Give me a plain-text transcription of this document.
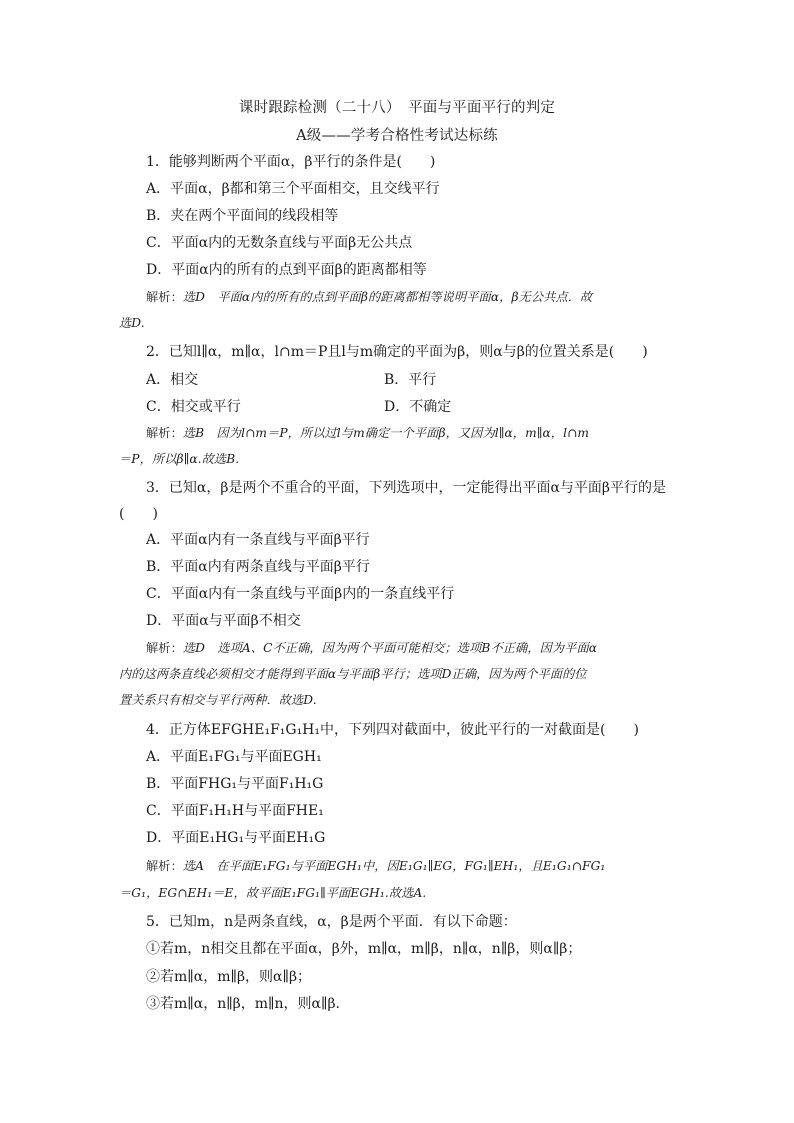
课时跟踪检测（二十八）　平面与平面平行的判定
A级——学考合格性考试达标练
1．能够判断两个平面α，β平行的条件是(　　)
A．平面α，β都和第三个平面相交，且交线平行
B．夹在两个平面间的线段相等
C．平面α内的无数条直线与平面β无公共点
D．平面α内的所有的点到平面β的距离都相等
解析：选D　平面α内的所有的点到平面β的距离都相等说明平面α，β无公共点．故
选D.
2．已知l∥α，m∥α，l∩m＝P且l与m确定的平面为β，则α与β的位置关系是(　　)
A．相交	B．平行
C．相交或平行	D．不确定
解析：选B　因为l∩m＝P，所以过l与m确定一个平面β，又因为l∥α，m∥α，l∩m
＝P，所以β∥α.故选B.
3．已知α，β是两个不重合的平面，下列选项中，一定能得出平面α与平面β平行的是
(　　)
A．平面α内有一条直线与平面β平行
B．平面α内有两条直线与平面β平行
C．平面α内有一条直线与平面β内的一条直线平行
D．平面α与平面β不相交
解析：选D　选项A、C不正确，因为两个平面可能相交；选项B不正确，因为平面α
内的这两条直线必须相交才能得到平面α与平面β平行；选项D正确，因为两个平面的位
置关系只有相交与平行两种．故选D.
4．正方体EFGHE₁F₁G₁H₁中，下列四对截面中，彼此平行的一对截面是(　　)
A．平面E₁FG₁与平面EGH₁
B．平面FHG₁与平面F₁H₁G
C．平面F₁H₁H与平面FHE₁
D．平面E₁HG₁与平面EH₁G
解析：选A　在平面E₁FG₁与平面EGH₁中，因E₁G₁∥EG，FG₁∥EH₁，且E₁G₁∩FG₁
＝G₁，EG∩EH₁＝E，故平面E₁FG₁∥平面EGH₁.故选A.
5．已知m，n是两条直线，α，β是两个平面．有以下命题：
①若m，n相交且都在平面α，β外，m∥α，m∥β，n∥α，n∥β，则α∥β；
②若m∥α，m∥β，则α∥β；
③若m∥α，n∥β，m∥n，则α∥β.
